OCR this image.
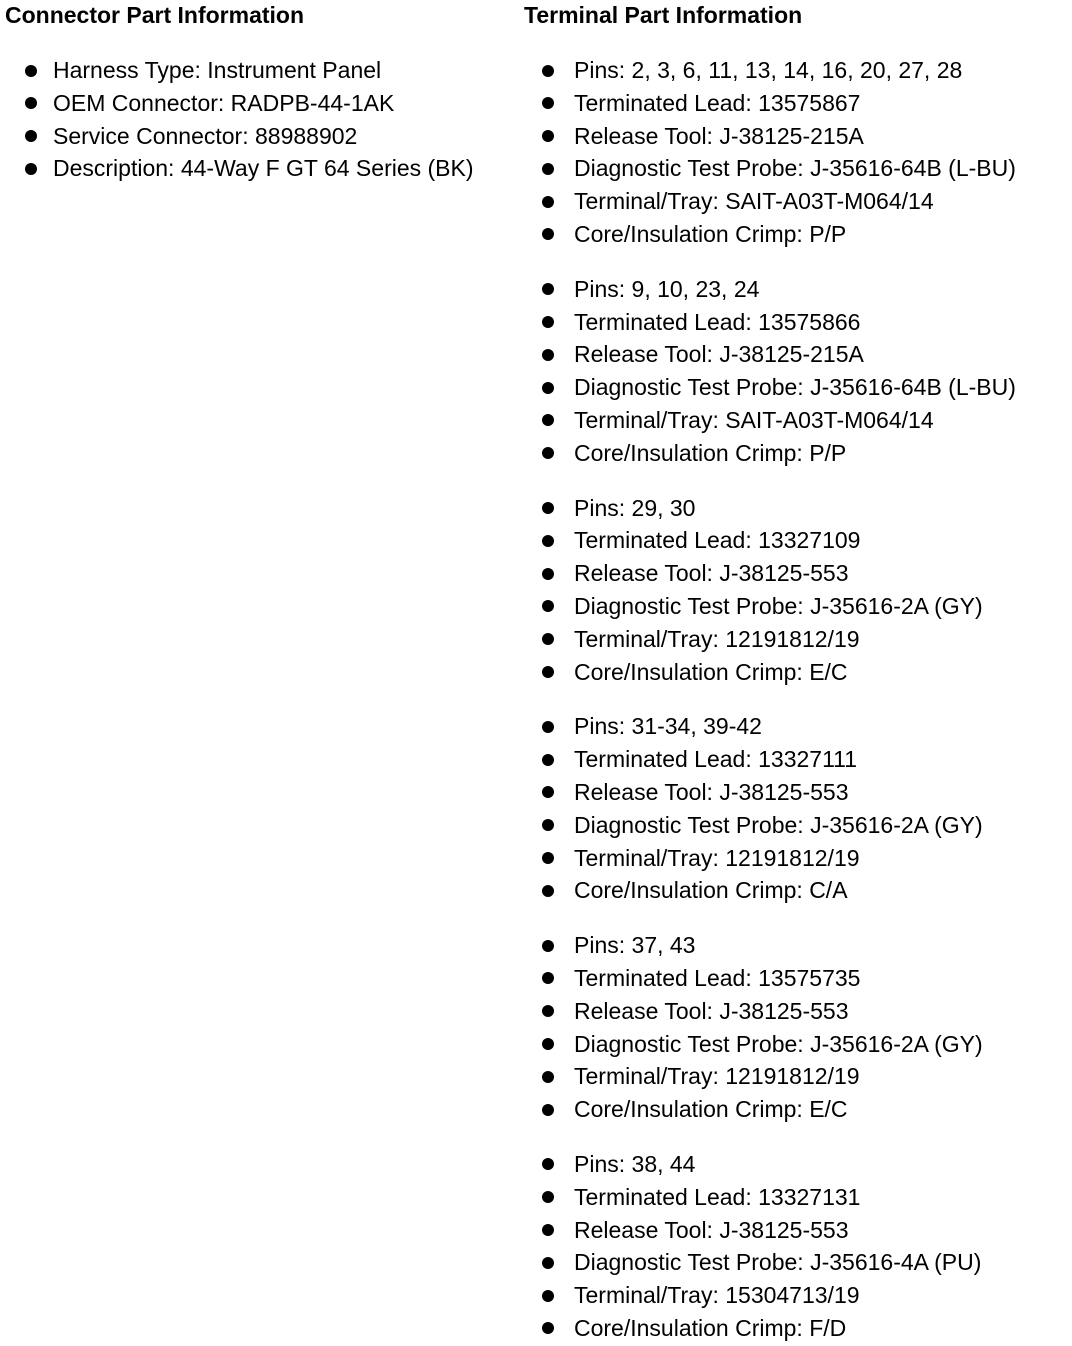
Connector Part Information
Harness Type: Instrument Panel
OEM Connector: RADPB-44-1AK
Service Connector: 88988902
Description: 44-Way F GT 64 Series (BK)
Terminal Part Information
Pins: 2, 3, 6, 11, 13, 14, 16, 20, 27, 28
Terminated Lead: 13575867
Release Tool: J-38125-215A
Diagnostic Test Probe: J-35616-64B (L-BU)
Terminal/Tray: SAIT-A03T-M064/14
Core/Insulation Crimp: P/P
Pins: 9, 10, 23, 24
Terminated Lead: 13575866
Release Tool: J-38125-215A
Diagnostic Test Probe: J-35616-64B (L-BU)
Terminal/Tray: SAIT-A03T-M064/14
Core/Insulation Crimp: P/P
Pins: 29, 30
Terminated Lead: 13327109
Release Tool: J-38125-553
Diagnostic Test Probe: J-35616-2A (GY)
Terminal/Tray: 12191812/19
Core/Insulation Crimp: E/C
Pins: 31-34, 39-42
Terminated Lead: 13327111
Release Tool: J-38125-553
Diagnostic Test Probe: J-35616-2A (GY)
Terminal/Tray: 12191812/19
Core/Insulation Crimp: C/A
Pins: 37, 43
Terminated Lead: 13575735
Release Tool: J-38125-553
Diagnostic Test Probe: J-35616-2A (GY)
Terminal/Tray: 12191812/19
Core/Insulation Crimp: E/C
Pins: 38, 44
Terminated Lead: 13327131
Release Tool: J-38125-553
Diagnostic Test Probe: J-35616-4A (PU)
Terminal/Tray: 15304713/19
Core/Insulation Crimp: F/D
